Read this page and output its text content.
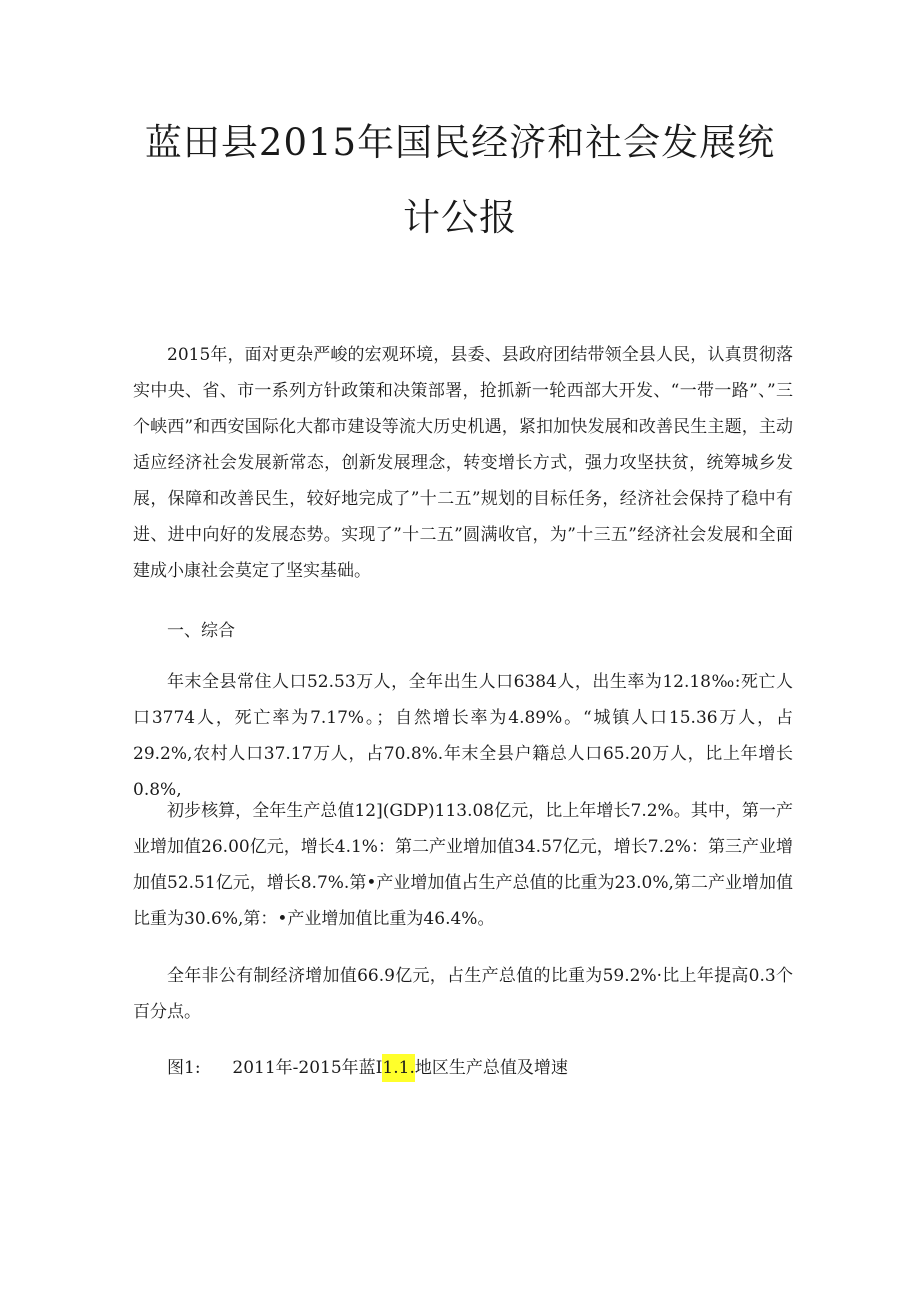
蓝田县2015年国民经济和社会发展统
计公报

2015年，面对更杂严峻的宏观环境，县委、县政府团结带领全县人民，认真贯彻落实中央、省、市一系列方针政策和决策部署，抢抓新一轮西部大开发、“一带一路”、”三个峡西”和西安国际化大都市建设等流大历史机遇，紧扣加快发展和改善民生主题，主动适应经济社会发展新常态，创新发展理念，转变增长方式，强力攻坚扶贫，统筹城乡发展，保障和改善民生，较好地完成了”十二五”规划的目标任务，经济社会保持了稳中有进、进中向好的发展态势。实现了”十二五”圆满收官，为”十三五”经济社会发展和全面建成小康社会莫定了坚实基础。

一、综合

年末全县常住人口52.53万人，全年出生人口6384人，出生率为12.18‰:死亡人口3774人，死亡率为7.17%。；自然增长率为4.89%。“城镇人口15.36万人，占29.2%,农村人口37.17万人，占70.8%.年末全县户籍总人口65.20万人，比上年增长0.8%,

初步核算，全年生产总值12](GDP)113.08亿元，比上年增长7.2%。其中，第一产业增加值26.00亿元，增长4.1%：第二产业增加值34.57亿元，增长7.2%：第三产业增加值52.51亿元，增长8.7%.第•产业增加值占生产总值的比重为23.0%,第二产业增加值比重为30.6%,第：•产业增加值比重为46.4%。

全年非公有制经济增加值66.9亿元，占生产总值的比重为59.2%·比上年提高0.3个百分点。

图1: 2011年-2015年蓝I1.1.地区生产总值及增速
